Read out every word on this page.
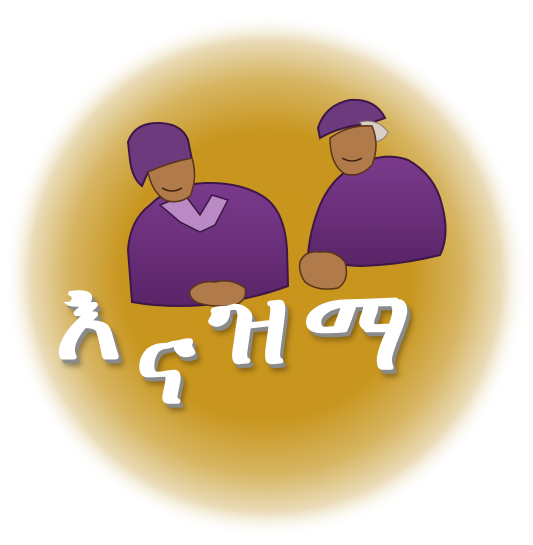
እ ና ዝ ማ
